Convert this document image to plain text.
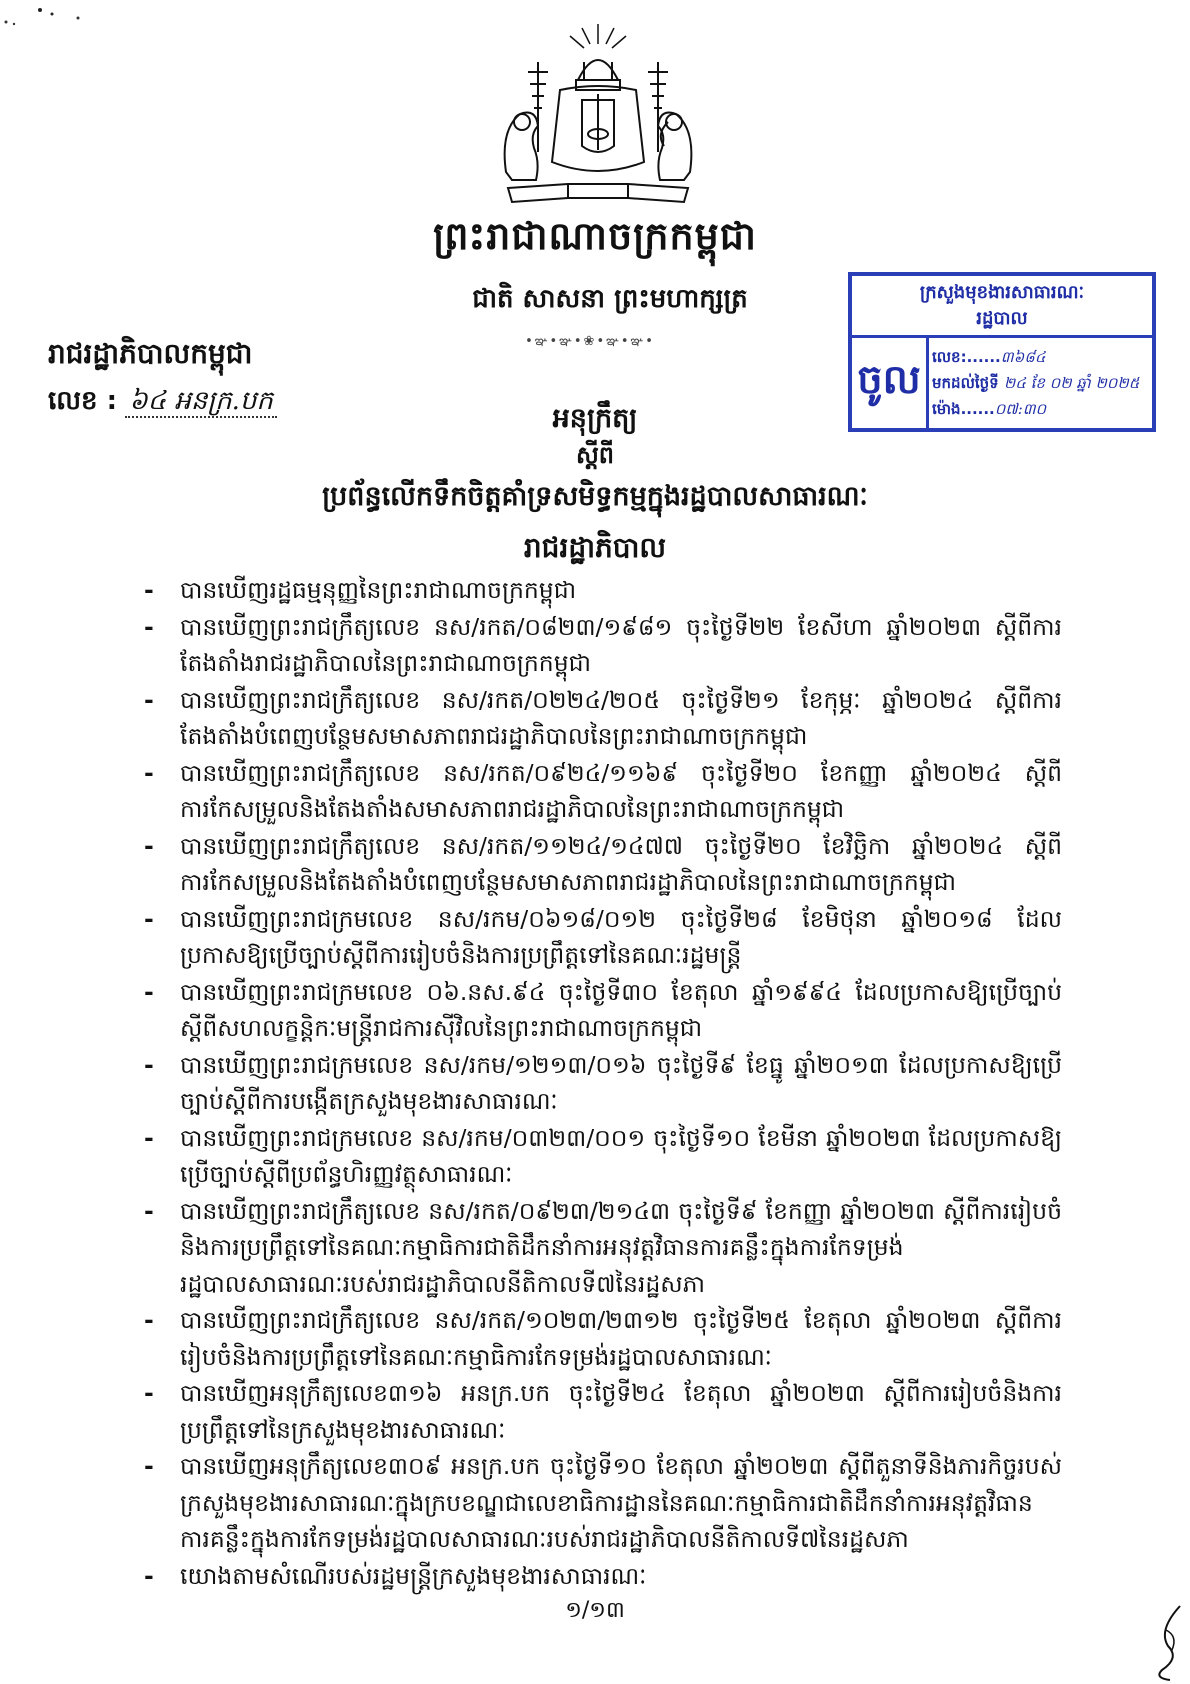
ព្រះរាជាណាចក្រកម្ពុជា
ជាតិ សាសនា ព្រះមហាក្សត្រ
•ఞ•ఞ•❀•ఞ•ఞ•
រាជរដ្ឋាភិបាលកម្ពុជា
លេខ : ៦៤ អនក្រ.បក
ក្រសួងមុខងារសាធារណៈ
រដ្ឋបាល
ចូល លេខ:......៣៦៨៤
មកដល់ថ្ងៃទី ២៤ ខែ ០២ ឆ្នាំ ២០២៥
ម៉ោង......០៧:៣០
អនុក្រឹត្យ
ស្តីពី
ប្រព័ន្ធលើកទឹកចិត្តគាំទ្រសមិទ្ធកម្មក្នុងរដ្ឋបាលសាធារណៈ
រាជរដ្ឋាភិបាល
- បានឃើញរដ្ឋធម្មនុញ្ញនៃព្រះរាជាណាចក្រកម្ពុជា
- បានឃើញព្រះរាជក្រឹត្យលេខ នស/រកត/០៨២៣/១៩៨១ ចុះថ្ងៃទី២២ ខែសីហា ឆ្នាំ២០២៣ ស្តីពីការតែងតាំងរាជរដ្ឋាភិបាលនៃព្រះរាជាណាចក្រកម្ពុជា
- បានឃើញព្រះរាជក្រឹត្យលេខ នស/រកត/០២២៤/២០៥ ចុះថ្ងៃទី២១ ខែកុម្ភៈ ឆ្នាំ២០២៤ ស្តីពីការតែងតាំងបំពេញបន្ថែមសមាសភាពរាជរដ្ឋាភិបាលនៃព្រះរាជាណាចក្រកម្ពុជា
- បានឃើញព្រះរាជក្រឹត្យលេខ នស/រកត/០៩២៤/១១៦៩ ចុះថ្ងៃទី២០ ខែកញ្ញា ឆ្នាំ២០២៤ ស្តីពីការកែសម្រួលនិងតែងតាំងសមាសភាពរាជរដ្ឋាភិបាលនៃព្រះរាជាណាចក្រកម្ពុជា
- បានឃើញព្រះរាជក្រឹត្យលេខ នស/រកត/១១២៤/១៤៧៧ ចុះថ្ងៃទី២០ ខែវិច្ឆិកា ឆ្នាំ២០២៤ ស្តីពីការកែសម្រួលនិងតែងតាំងបំពេញបន្ថែមសមាសភាពរាជរដ្ឋាភិបាលនៃព្រះរាជាណាចក្រកម្ពុជា
- បានឃើញព្រះរាជក្រមលេខ នស/រកម/០៦១៨/០១២ ចុះថ្ងៃទី២៨ ខែមិថុនា ឆ្នាំ២០១៨ ដែលប្រកាសឱ្យប្រើច្បាប់ស្តីពីការរៀបចំនិងការប្រព្រឹត្តទៅនៃគណៈរដ្ឋមន្ត្រី
- បានឃើញព្រះរាជក្រមលេខ ០៦.នស.៩៤ ចុះថ្ងៃទី៣០ ខែតុលា ឆ្នាំ១៩៩៤ ដែលប្រកាសឱ្យប្រើច្បាប់ស្តីពីសហលក្ខន្តិកៈមន្ត្រីរាជការស៊ីវិលនៃព្រះរាជាណាចក្រកម្ពុជា
- បានឃើញព្រះរាជក្រមលេខ នស/រកម/១២១៣/០១៦ ចុះថ្ងៃទី៩ ខែធ្នូ ឆ្នាំ២០១៣ ដែលប្រកាសឱ្យប្រើច្បាប់ស្តីពីការបង្កើតក្រសួងមុខងារសាធារណៈ
- បានឃើញព្រះរាជក្រមលេខ នស/រកម/០៣២៣/០០១ ចុះថ្ងៃទី១០ ខែមីនា ឆ្នាំ២០២៣ ដែលប្រកាសឱ្យប្រើច្បាប់ស្តីពីប្រព័ន្ធហិរញ្ញវត្ថុសាធារណៈ
- បានឃើញព្រះរាជក្រឹត្យលេខ នស/រកត/០៩២៣/២១៤៣ ចុះថ្ងៃទី៩ ខែកញ្ញា ឆ្នាំ២០២៣ ស្តីពីការរៀបចំនិងការប្រព្រឹត្តទៅនៃគណៈកម្មាធិការជាតិដឹកនាំការអនុវត្តវិធានការគន្លឹះក្នុងការកែទម្រង់រដ្ឋបាលសាធារណៈរបស់រាជរដ្ឋាភិបាលនីតិកាលទី៧នៃរដ្ឋសភា
- បានឃើញព្រះរាជក្រឹត្យលេខ នស/រកត/១០២៣/២៣១២ ចុះថ្ងៃទី២៥ ខែតុលា ឆ្នាំ២០២៣ ស្តីពីការរៀបចំនិងការប្រព្រឹត្តទៅនៃគណៈកម្មាធិការកែទម្រង់រដ្ឋបាលសាធារណៈ
- បានឃើញអនុក្រឹត្យលេខ៣១៦ អនក្រ.បក ចុះថ្ងៃទី២៤ ខែតុលា ឆ្នាំ២០២៣ ស្តីពីការរៀបចំនិងការប្រព្រឹត្តទៅនៃក្រសួងមុខងារសាធារណៈ
- បានឃើញអនុក្រឹត្យលេខ៣០៩ អនក្រ.បក ចុះថ្ងៃទី១០ ខែតុលា ឆ្នាំ២០២៣ ស្តីពីតួនាទីនិងភារកិច្ចរបស់ក្រសួងមុខងារសាធារណៈក្នុងក្របខណ្ឌជាលេខាធិការដ្ឋាននៃគណៈកម្មាធិការជាតិដឹកនាំការអនុវត្តវិធានការគន្លឹះក្នុងការកែទម្រង់រដ្ឋបាលសាធារណៈរបស់រាជរដ្ឋាភិបាលនីតិកាលទី៧នៃរដ្ឋសភា
- យោងតាមសំណើរបស់រដ្ឋមន្ត្រីក្រសួងមុខងារសាធារណៈ
១/១៣
